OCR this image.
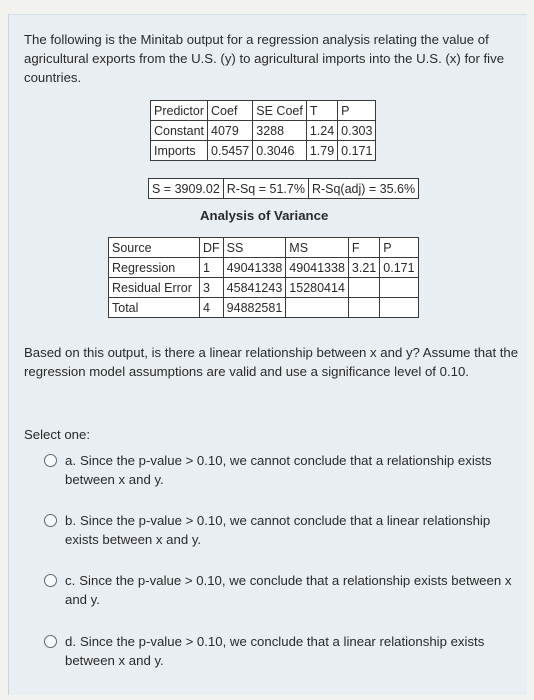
The following is the Minitab output for a regression analysis relating the value of agricultural exports from the U.S. (y) to agricultural imports into the U.S. (x) for five countries.
Predictor	Coef	SE Coef	T	P
Constant	4079	3288	1.24	0.303
Imports	0.5457	0.3046	1.79	0.171
S = 3909.02	R-Sq = 51.7%	R-Sq(adj) = 35.6%
Analysis of Variance
Source	DF	SS	MS	F	P
Regression	1	49041338	49041338	3.21	0.171
Residual Error	3	45841243	15280414		
Total	4	94882581			
Based on this output, is there a linear relationship between x and y? Assume that the regression model assumptions are valid and use a significance level of 0.10.
Select one:
a. Since the p-value > 0.10, we cannot conclude that a relationship exists between x and y.
b. Since the p-value > 0.10, we cannot conclude that a linear relationship exists between x and y.
c. Since the p-value > 0.10, we conclude that a relationship exists between x and y.
d. Since the p-value > 0.10, we conclude that a linear relationship exists between x and y.
